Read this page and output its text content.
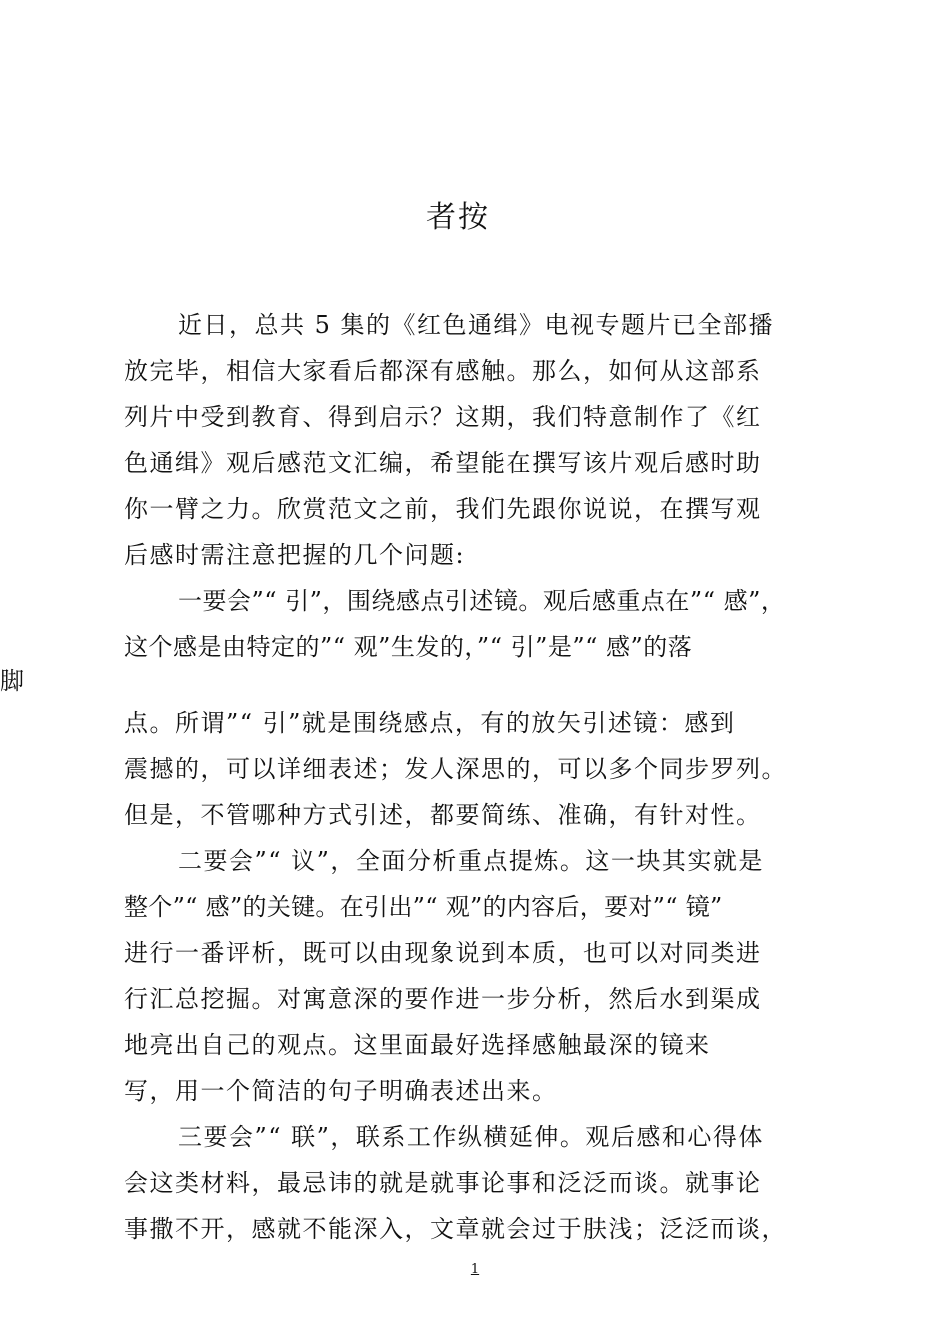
者按
近日，总共 5 集的《红色通缉》电视专题片已全部播
放完毕，相信大家看后都深有感触。那么，如何从这部系
列片中受到教育、得到启示？这期，我们特意制作了《红
色通缉》观后感范文汇编，希望能在撰写该片观后感时助
你一臂之力。欣赏范文之前，我们先跟你说说，在撰写观
后感时需注意把握的几个问题:
一要会”“ 引”，围绕感点引述镜。观后感重点在”“ 感”，
这个感是由特定的”“ 观”生发的，”“ 引”是”“ 感”的落
脚
点。所谓”“ 引”就是围绕感点，有的放矢引述镜：感到
震撼的，可以详细表述；发人深思的，可以多个同步罗列。
但是，不管哪种方式引述，都要简练、准确，有针对性。
二要会”“ 议”，全面分析重点提炼。这一块其实就是
整个”“ 感”的关键。在引出”“ 观”的内容后，要对”“ 镜”
进行一番评析，既可以由现象说到本质，也可以对同类进
行汇总挖掘。对寓意深的要作进一步分析，然后水到渠成
地亮出自己的观点。这里面最好选择感触最深的镜来
写，用一个简洁的句子明确表述出来。
三要会”“ 联”，联系工作纵横延伸。观后感和心得体
会这类材料，最忌讳的就是就事论事和泛泛而谈。就事论
事撒不开，感就不能深入，文章就会过于肤浅；泛泛而谈，
1
